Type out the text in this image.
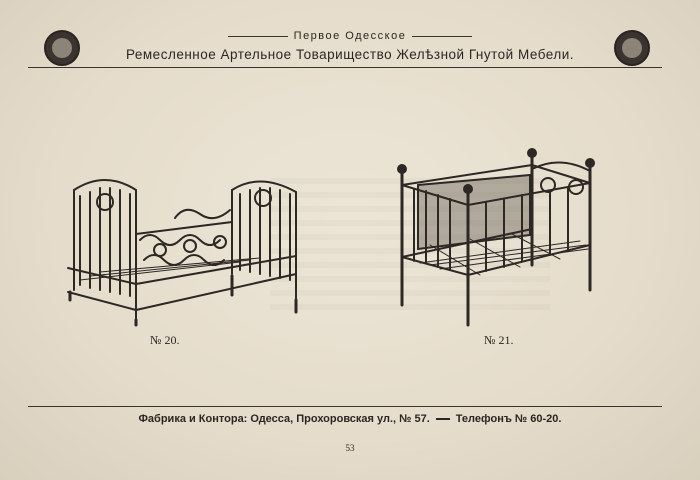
Первое Одесское
Ремесленное Артельное Товарищество Желѣзной Гнутой Мебели.
№ 20.	№ 21.
Фабрика и Контора: Одесса, Прохоровская ул., № 57. Телефонъ № 60-20.
53
